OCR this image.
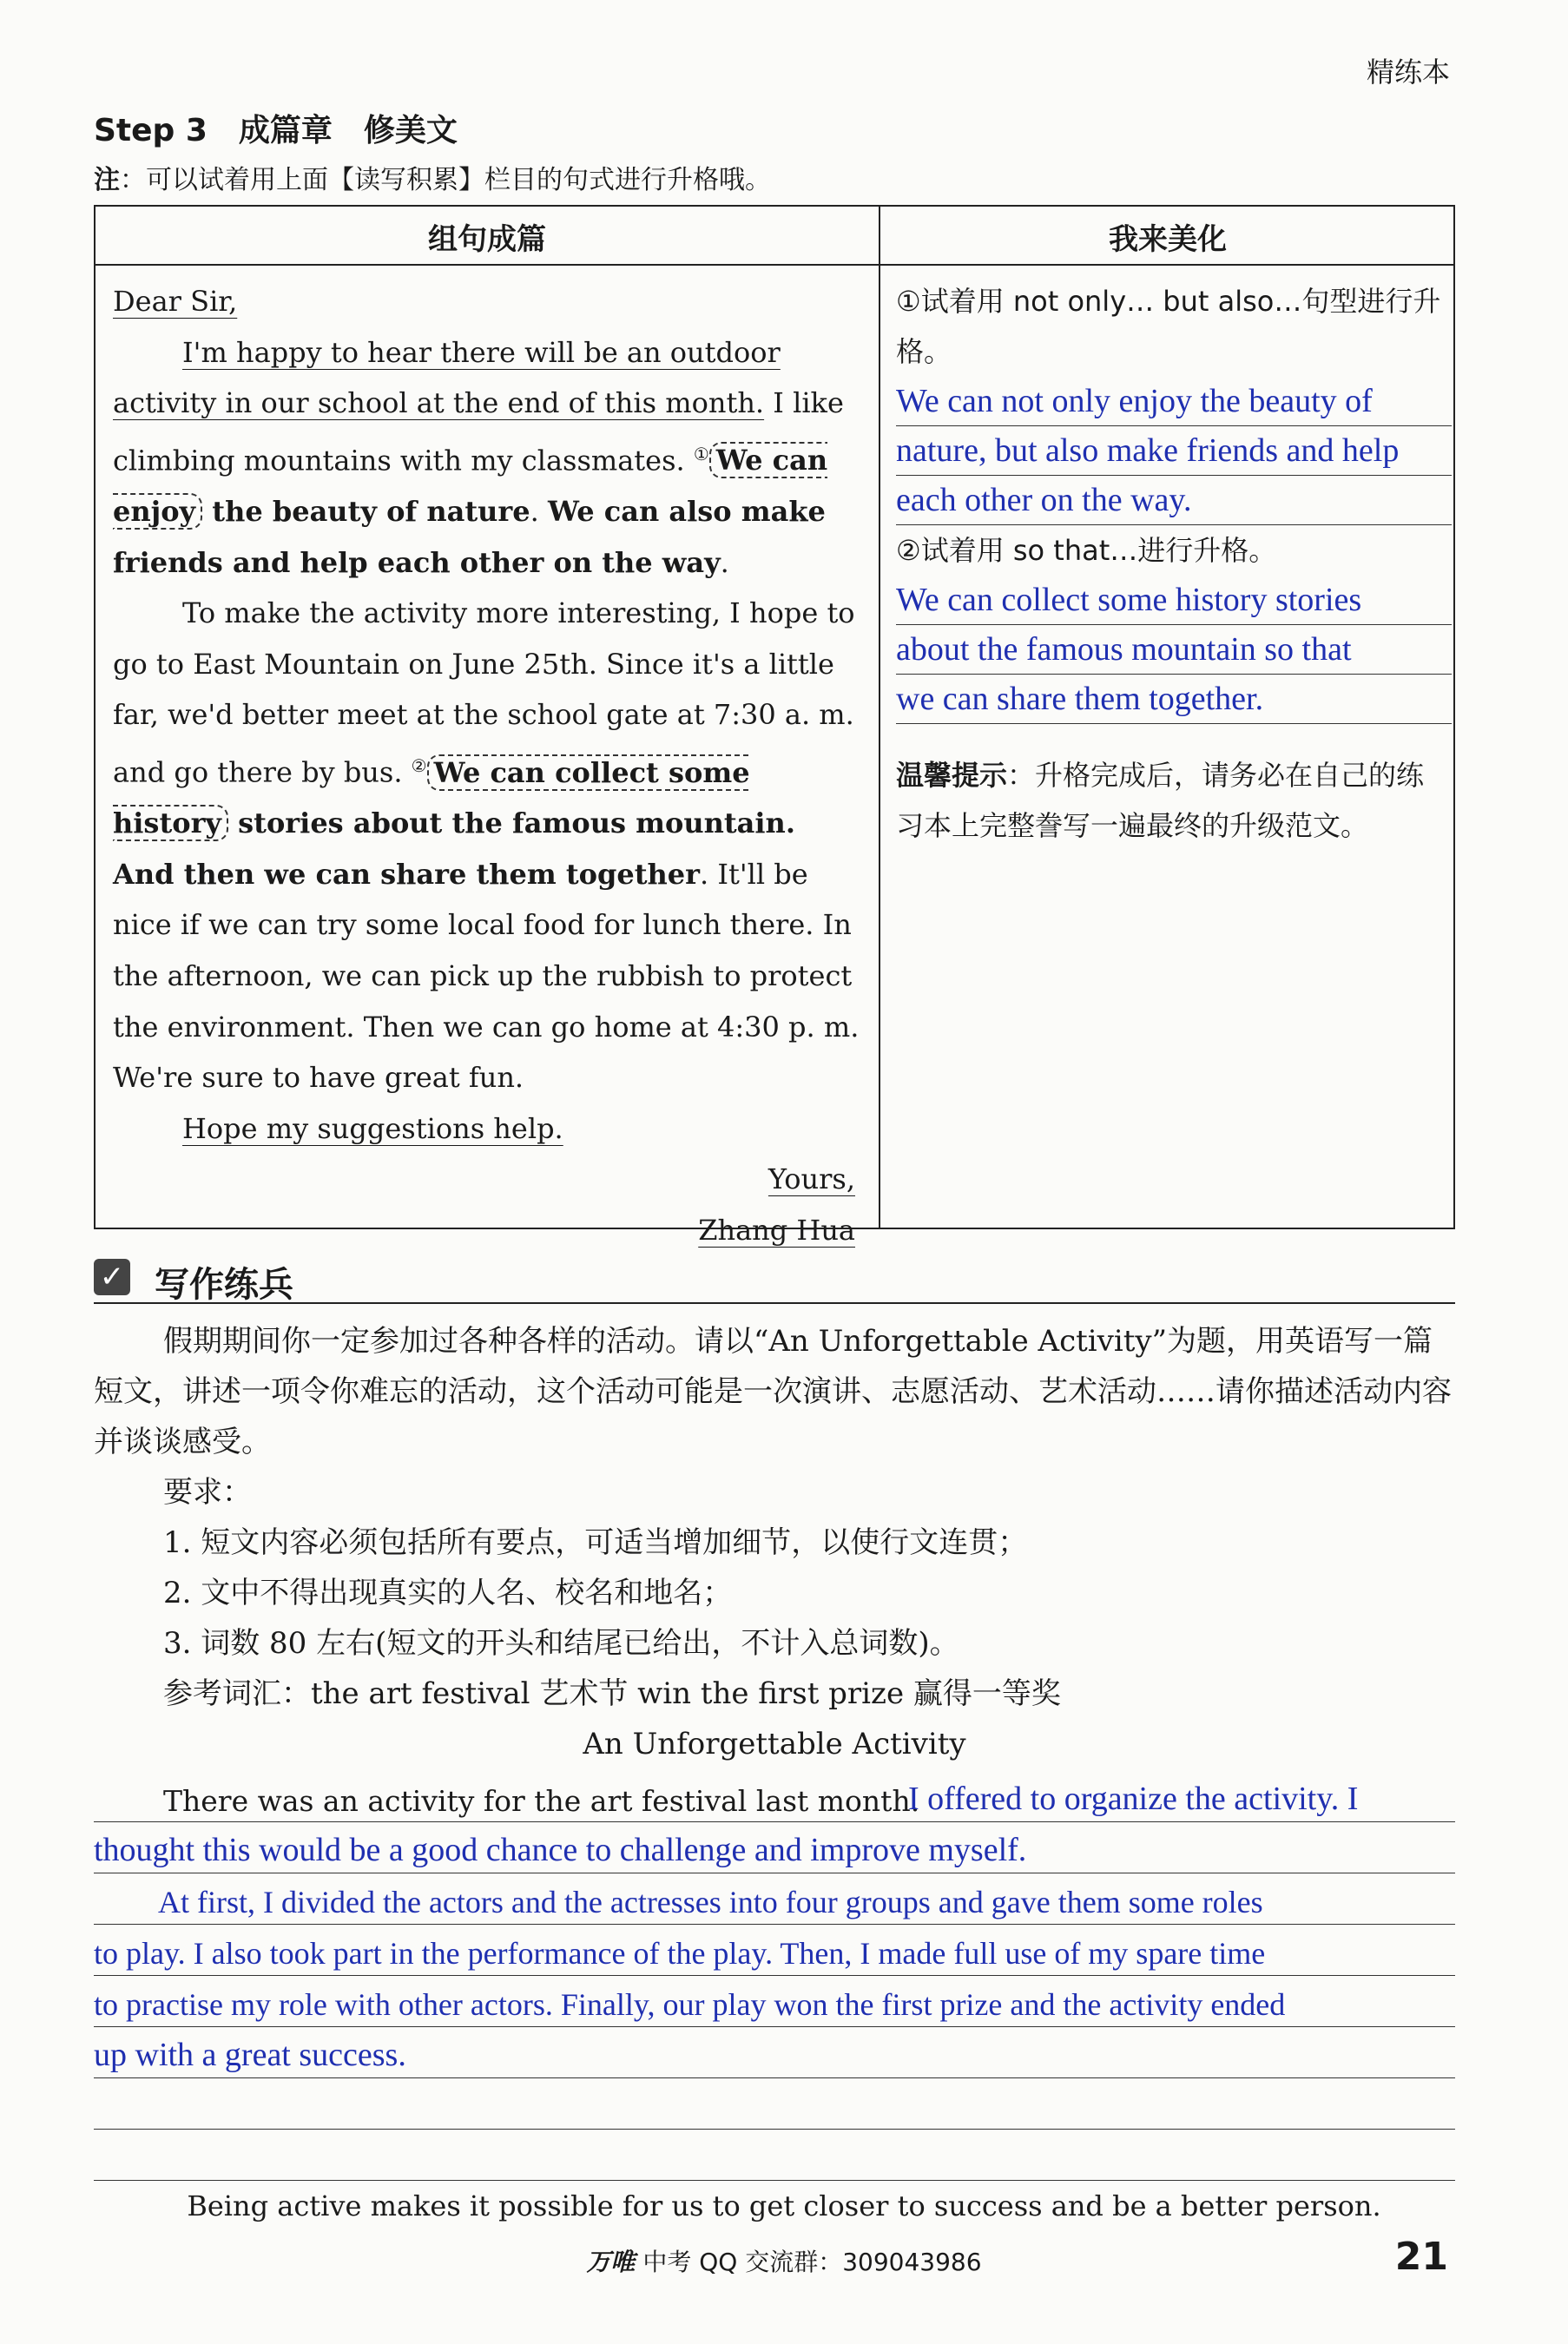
精练本
Step 3　成篇章　修美文
注：可以试着用上面【读写积累】栏目的句式进行升格哦。
组句成篇	我来美化

Dear Sir,

I'm happy to hear there will be an outdoor activity in our school at the end of this month. I like climbing mountains with my classmates. ① We can enjoy the beauty of nature. We can also make friends and help each other on the way.

To make the activity more interesting, I hope to go to East Mountain on June 25th. Since it's a little far, we'd better meet at the school gate at 7:30 a. m. and go there by bus. ② We can collect some history stories about the famous mountain. And then we can share them together. It'll be nice if we can try some local food for lunch there. In the afternoon, we can pick up the rubbish to protect the environment. Then we can go home at 4:30 p. m. We're sure to have great fun.

Hope my suggestions help.

Yours,

Zhang Hua

①试着用 not only… but also…句型进行升格。
We can not only enjoy the beauty of
nature, but also make friends and help
each other on the way.
②试着用 so that…进行升格。
We can collect some history stories
about the famous mountain so that
we can share them together.
温馨提示：升格完成后，请务必在自己的练习本上完整誊写一遍最终的升级范文。
✓ 写作练兵

假期期间你一定参加过各种各样的活动。请以“An Unforgettable Activity”为题，用英语写一篇短文，讲述一项令你难忘的活动，这个活动可能是一次演讲、志愿活动、艺术活动……请你描述活动内容并谈谈感受。

要求：

1. 短文内容必须包括所有要点，可适当增加细节，以使行文连贯；

2. 文中不得出现真实的人名、校名和地名；

3. 词数 80 左右(短文的开头和结尾已给出，不计入总词数)。

参考词汇：the art festival 艺术节 win the first prize 赢得一等奖

An Unforgettable Activity

There was an activity for the art festival last month.
I offered to organize the activity. I
thought this would be a good chance to challenge and improve myself.
At first, I divided the actors and the actresses into four groups and gave them some roles
to play. I also took part in the performance of the play. Then, I made full use of my spare time
to practise my role with other actors. Finally, our play won the first prize and the activity ended
up with a great success.
Being active makes it possible for us to get closer to success and be a better person.
万唯 中考 QQ 交流群：309043986	21
